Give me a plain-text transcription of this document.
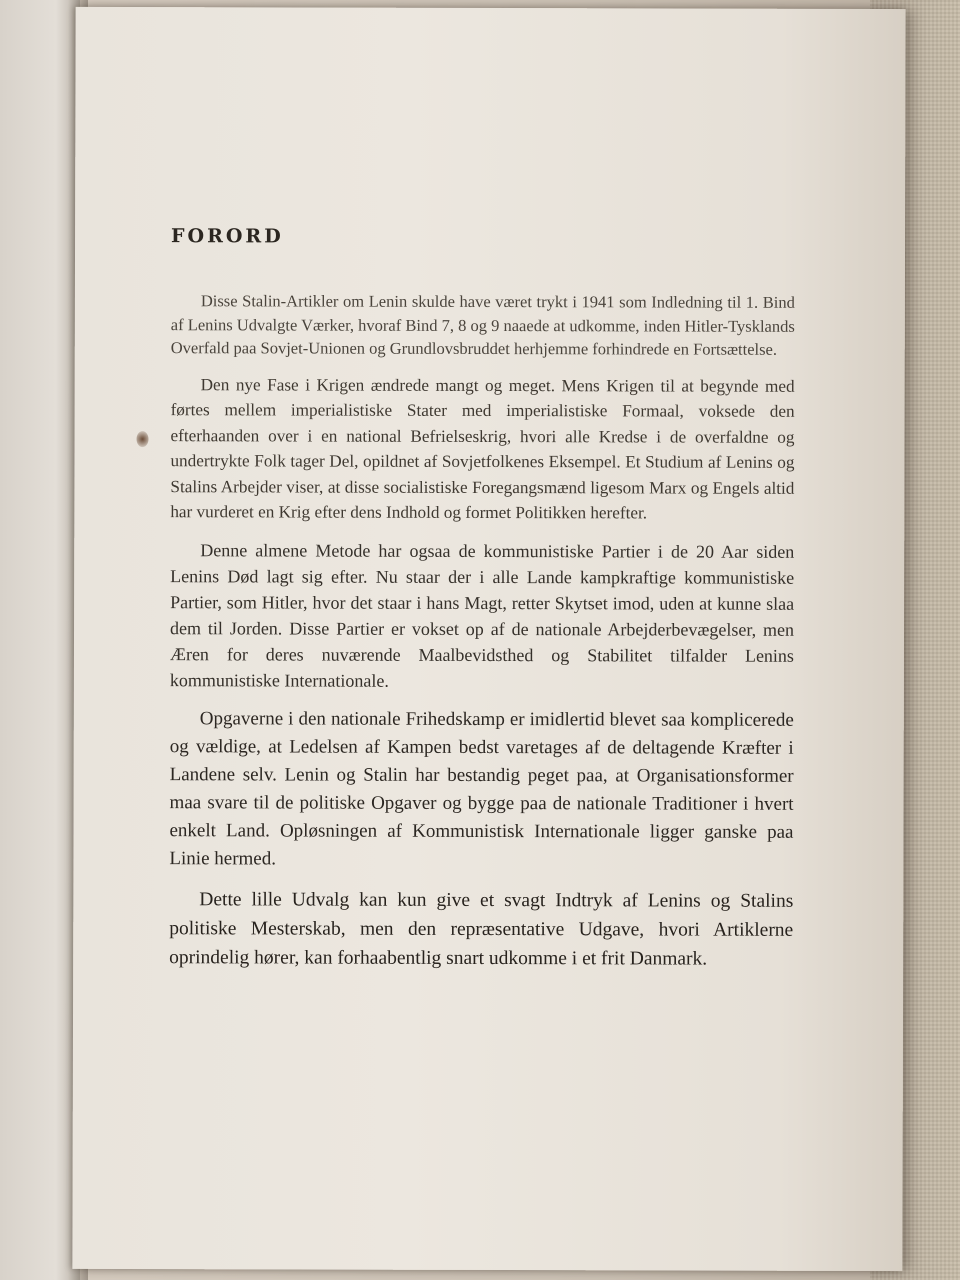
FORORD

Disse Stalin-Artikler om Lenin skulde have været trykt i 1941 som Indledning til 1. Bind af Lenins Udvalgte Værker, hvoraf Bind 7, 8 og 9 naaede at udkomme, inden Hitler-Tysklands Overfald paa Sovjet-Unionen og Grundlovsbruddet herhjemme forhindrede en Fortsættelse.

Den nye Fase i Krigen ændrede mangt og meget. Mens Krigen til at begynde med førtes mellem imperialistiske Stater med imperialistiske Formaal, voksede den efterhaanden over i en national Befrielseskrig, hvori alle Kredse i de overfaldne og undertrykte Folk tager Del, opildnet af Sovjetfolkenes Eksempel. Et Studium af Lenins og Stalins Arbejder viser, at disse socialistiske Foregangsmænd ligesom Marx og Engels altid har vurderet en Krig efter dens Indhold og formet Politikken herefter.

Denne almene Metode har ogsaa de kommunistiske Partier i de 20 Aar siden Lenins Død lagt sig efter. Nu staar der i alle Lande kampkraftige kommunistiske Partier, som Hitler, hvor det staar i hans Magt, retter Skytset imod, uden at kunne slaa dem til Jorden. Disse Partier er vokset op af de nationale Arbejderbevægelser, men Æren for deres nuværende Maalbevidsthed og Stabilitet tilfalder Lenins kommunistiske Internationale.

Opgaverne i den nationale Frihedskamp er imidlertid blevet saa komplicerede og vældige, at Ledelsen af Kampen bedst varetages af de deltagende Kræfter i Landene selv. Lenin og Stalin har bestandig peget paa, at Organisationsformer maa svare til de politiske Opgaver og bygge paa de nationale Traditioner i hvert enkelt Land. Opløsningen af Kommunistisk Internationale ligger ganske paa Linie hermed.

Dette lille Udvalg kan kun give et svagt Indtryk af Lenins og Stalins politiske Mesterskab, men den repræsentative Udgave, hvori Artiklerne oprindelig hører, kan forhaabentlig snart udkomme i et frit Danmark.
